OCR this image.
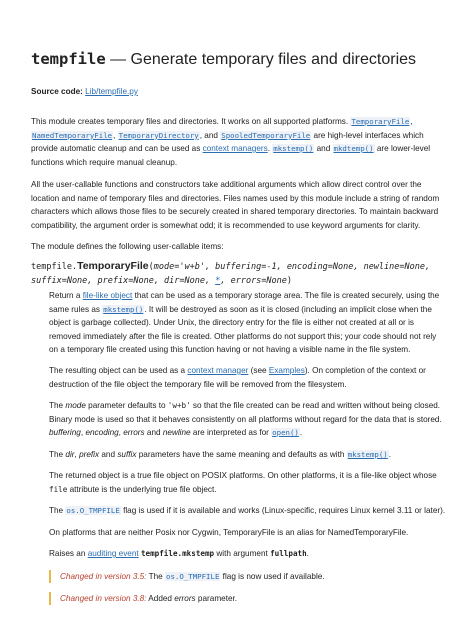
tempfile — Generate temporary files and directories
Source code: Lib/tempfile.py

This module creates temporary files and directories. It works on all supported platforms. TemporaryFile, NamedTemporaryFile, TemporaryDirectory, and SpooledTemporaryFile are high-level interfaces which provide automatic cleanup and can be used as context managers. mkstemp() and mkdtemp() are lower-level functions which require manual cleanup.

All the user-callable functions and constructors take additional arguments which allow direct control over the location and name of temporary files and directories. Files names used by this module include a string of random characters which allows those files to be securely created in shared temporary directories. To maintain backward compatibility, the argument order is somewhat odd; it is recommended to use keyword arguments for clarity.

The module defines the following user-callable items:

tempfile.TemporaryFile(mode='w+b', buffering=-1, encoding=None, newline=None,
suffix=None, prefix=None, dir=None, *, errors=None)

Return a file-like object that can be used as a temporary storage area. The file is created securely, using the same rules as mkstemp(). It will be destroyed as soon as it is closed (including an implicit close when the object is garbage collected). Under Unix, the directory entry for the file is either not created at all or is removed immediately after the file is created. Other platforms do not support this; your code should not rely on a temporary file created using this function having or not having a visible name in the file system.

The resulting object can be used as a context manager (see Examples). On completion of the context or destruction of the file object the temporary file will be removed from the filesystem.

The mode parameter defaults to 'w+b' so that the file created can be read and written without being closed. Binary mode is used so that it behaves consistently on all platforms without regard for the data that is stored. buffering, encoding, errors and newline are interpreted as for open().

The dir, prefix and suffix parameters have the same meaning and defaults as with mkstemp().

The returned object is a true file object on POSIX platforms. On other platforms, it is a file-like object whose file attribute is the underlying true file object.

The os.O_TMPFILE flag is used if it is available and works (Linux-specific, requires Linux kernel 3.11 or later).

On platforms that are neither Posix nor Cygwin, TemporaryFile is an alias for NamedTemporaryFile.

Raises an auditing event tempfile.mkstemp with argument fullpath.

Changed in version 3.5: The os.O_TMPFILE flag is now used if available.
Changed in version 3.8: Added errors parameter.
